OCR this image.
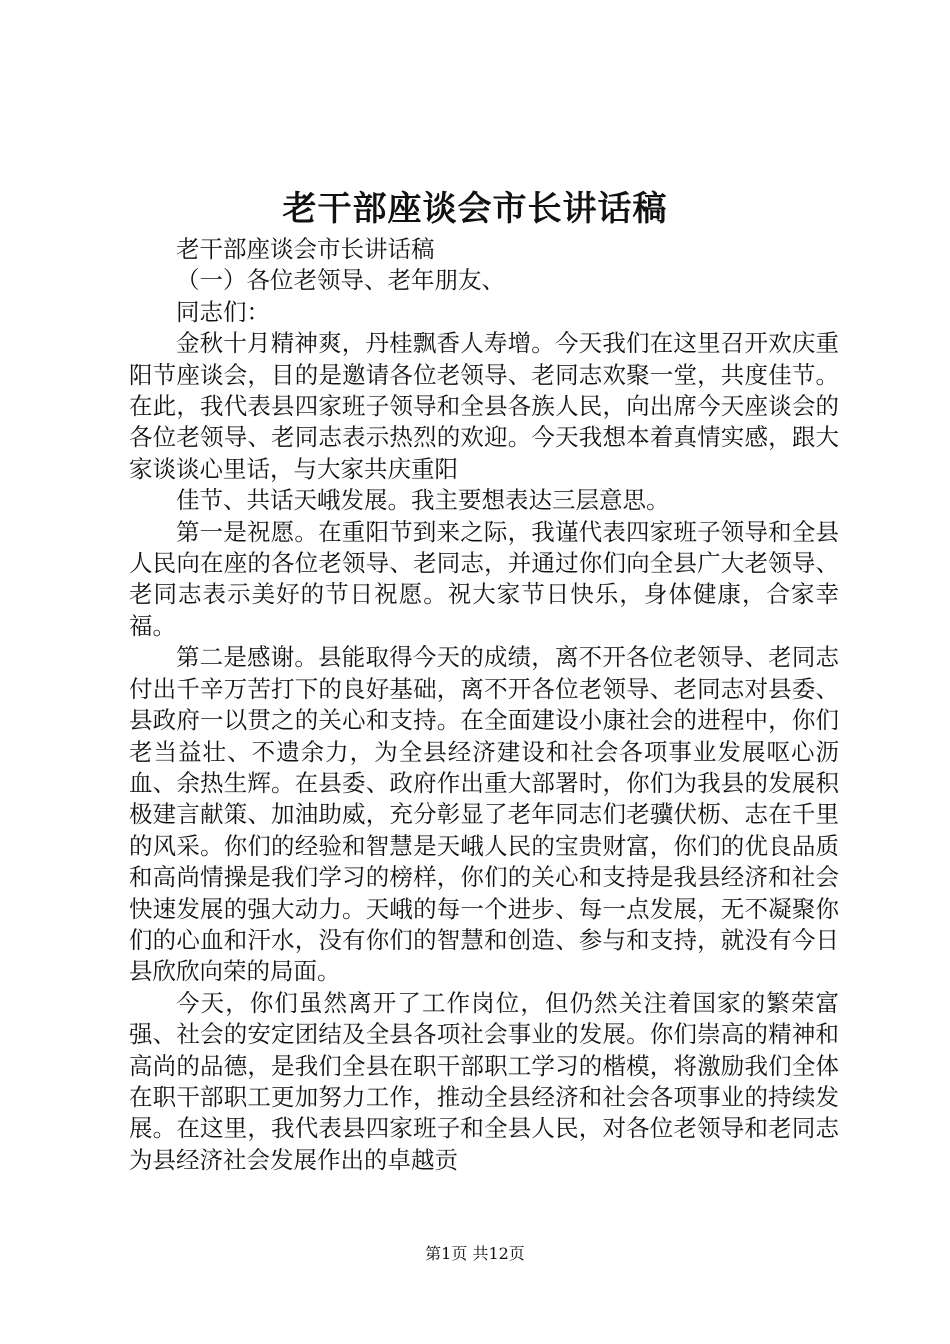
老干部座谈会市长讲话稿

老干部座谈会市长讲话稿

（一）各位老领导、老年朋友、

同志们：

金秋十月精神爽，丹桂飘香人寿增。今天我们在这里召开欢庆重阳节座谈会，目的是邀请各位老领导、老同志欢聚一堂，共度佳节。在此，我代表县四家班子领导和全县各族人民，向出席今天座谈会的各位老领导、老同志表示热烈的欢迎。今天我想本着真情实感，跟大家谈谈心里话，与大家共庆重阳

佳节、共话天峨发展。我主要想表达三层意思。

第一是祝愿。在重阳节到来之际，我谨代表四家班子领导和全县人民向在座的各位老领导、老同志，并通过你们向全县广大老领导、老同志表示美好的节日祝愿。祝大家节日快乐，身体健康，合家幸福。

第二是感谢。县能取得今天的成绩，离不开各位老领导、老同志付出千辛万苦打下的良好基础，离不开各位老领导、老同志对县委、县政府一以贯之的关心和支持。在全面建设小康社会的进程中，你们老当益壮、不遗余力，为全县经济建设和社会各项事业发展呕心沥血、余热生辉。在县委、政府作出重大部署时，你们为我县的发展积极建言献策、加油助威，充分彰显了老年同志们老骥伏枥、志在千里的风采。你们的经验和智慧是天峨人民的宝贵财富，你们的优良品质和高尚情操是我们学习的榜样，你们的关心和支持是我县经济和社会快速发展的强大动力。天峨的每一个进步、每一点发展，无不凝聚你们的心血和汗水，没有你们的智慧和创造、参与和支持，就没有今日县欣欣向荣的局面。

今天，你们虽然离开了工作岗位，但仍然关注着国家的繁荣富强、社会的安定团结及全县各项社会事业的发展。你们崇高的精神和高尚的品德，是我们全县在职干部职工学习的楷模，将激励我们全体在职干部职工更加努力工作，推动全县经济和社会各项事业的持续发展。在这里，我代表县四家班子和全县人民，对各位老领导和老同志为县经济社会发展作出的卓越贡

第1页 共12页
